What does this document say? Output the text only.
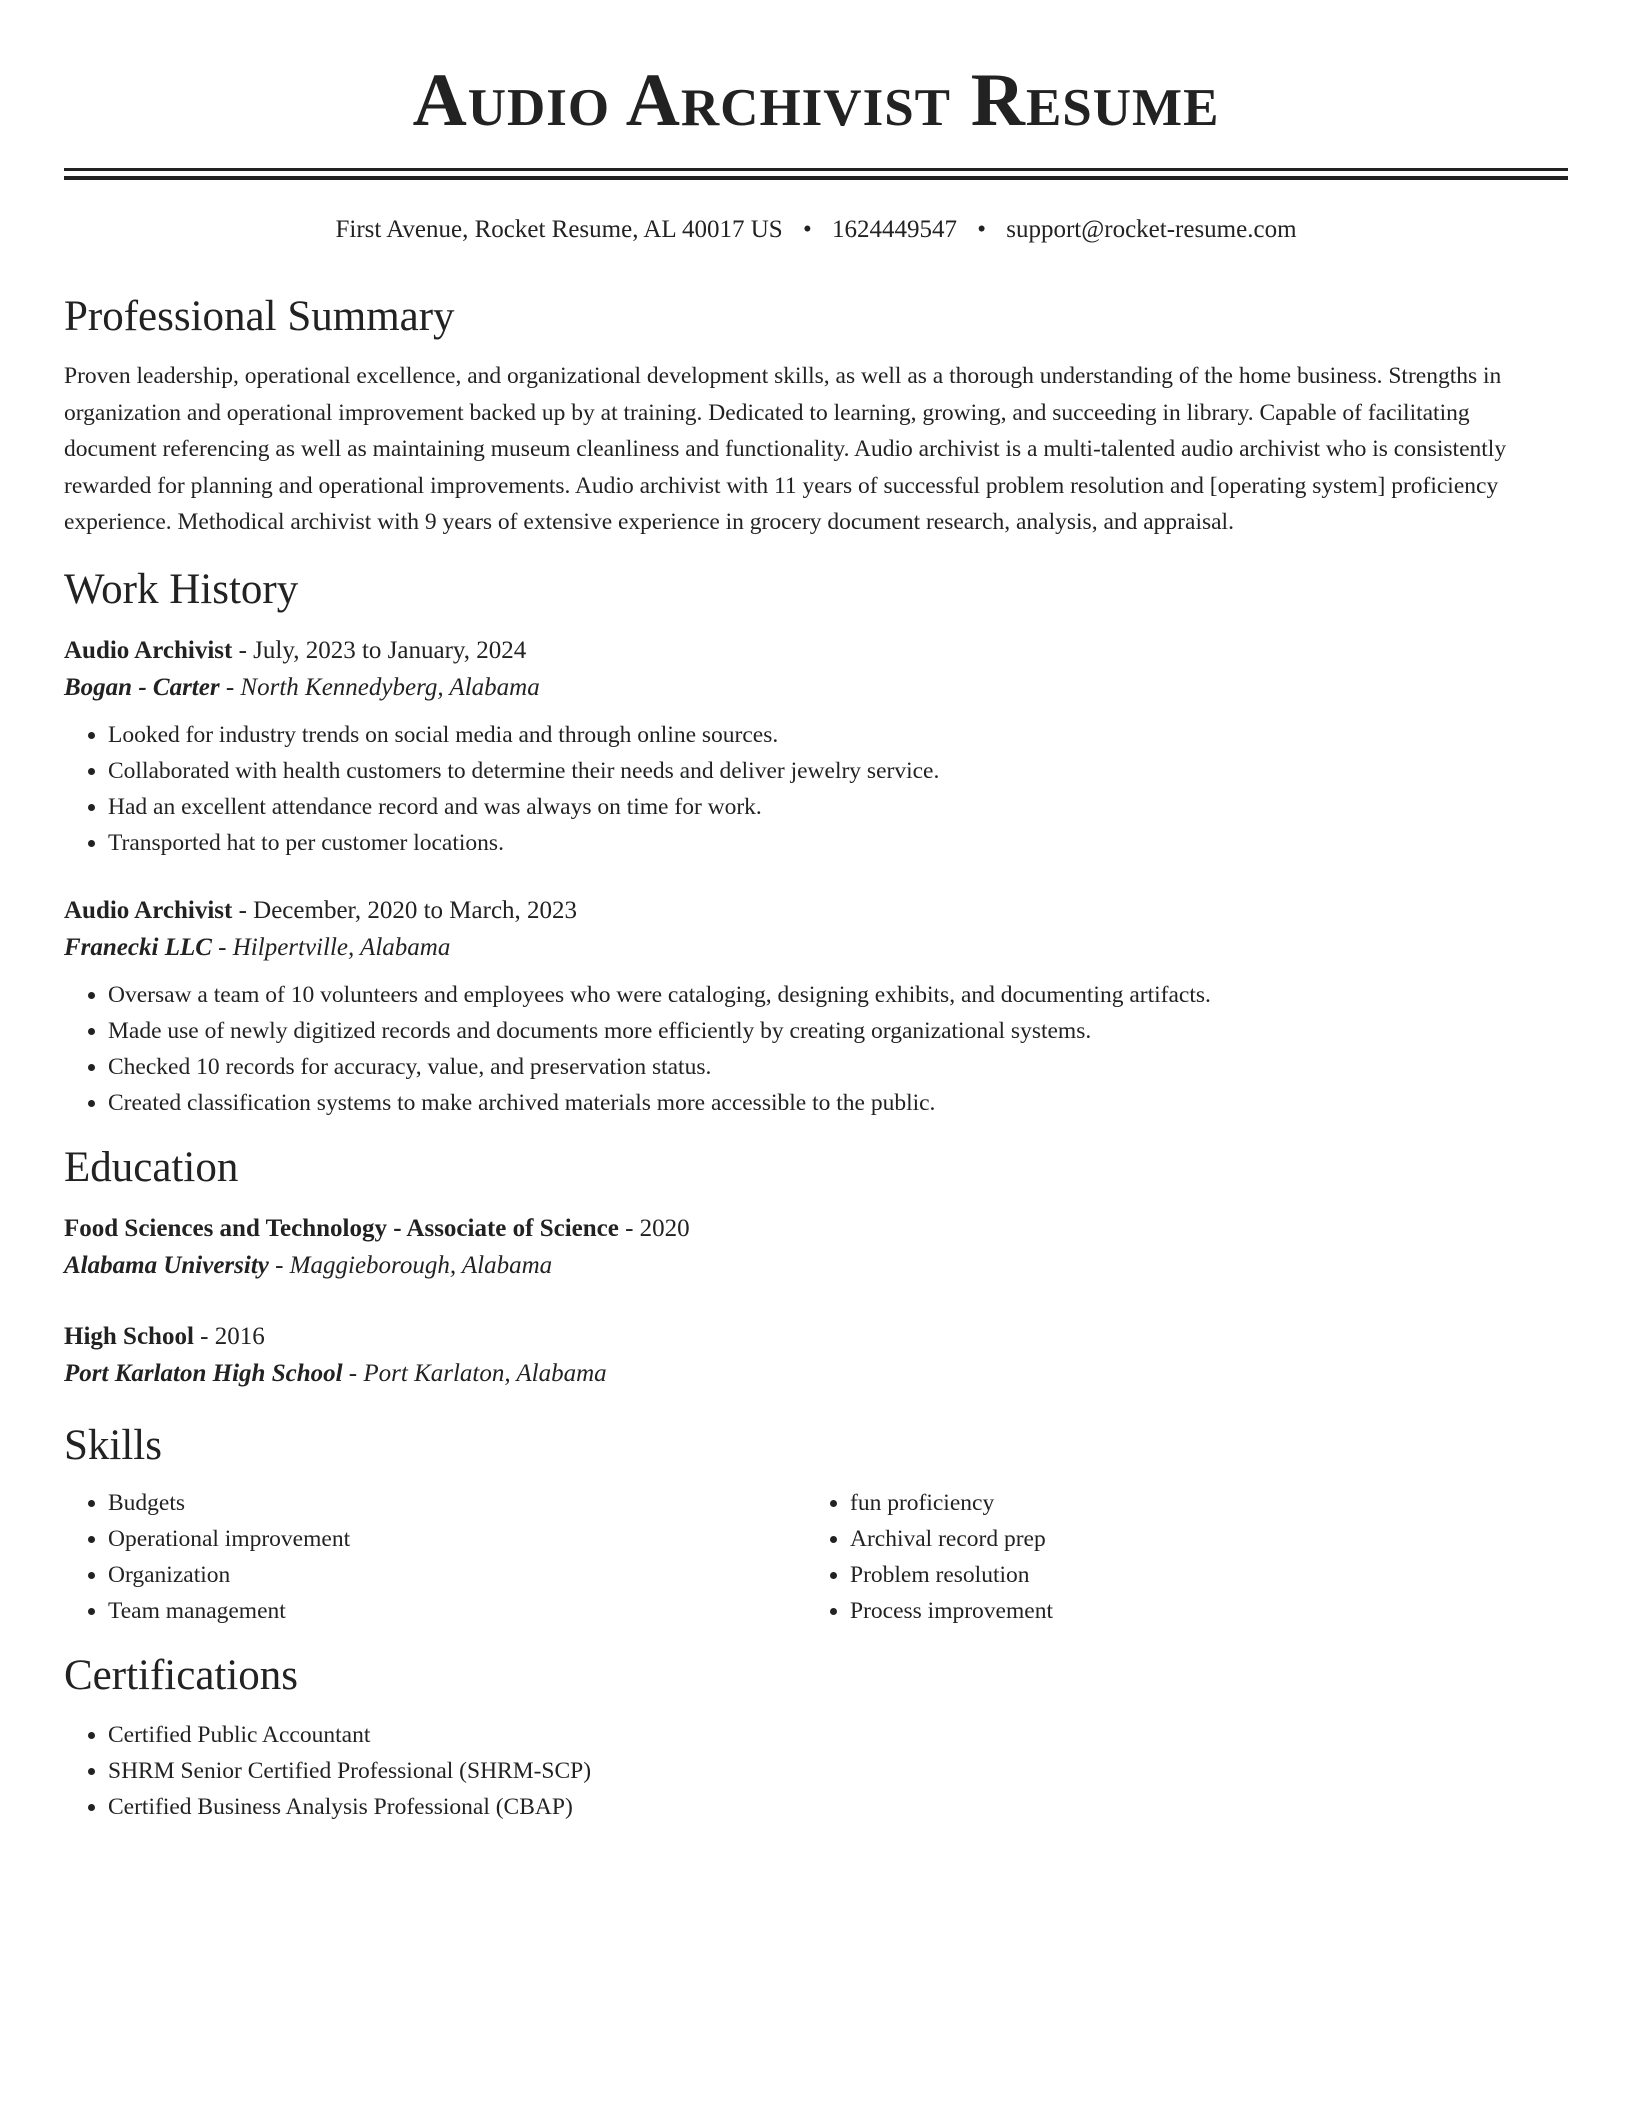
Audio Archivist Resume
First Avenue, Rocket Resume, AL 40017 US • 1624449547 • support@rocket-resume.com
Professional Summary

Proven leadership, operational excellence, and organizational development skills, as well as a thorough understanding of the home business. Strengths in organization and operational improvement backed up by at training. Dedicated to learning, growing, and succeeding in library. Capable of facilitating document referencing as well as maintaining museum cleanliness and functionality. Audio archivist is a multi-talented audio archivist who is consistently rewarded for planning and operational improvements. Audio archivist with 11 years of successful problem resolution and [operating system] proficiency experience. Methodical archivist with 9 years of extensive experience in grocery document research, analysis, and appraisal.

Work History
Audio Archivist - July, 2023 to January, 2024
Bogan - Carter - North Kennedyberg, Alabama
• Looked for industry trends on social media and through online sources.
• Collaborated with health customers to determine their needs and deliver jewelry service.
• Had an excellent attendance record and was always on time for work.
• Transported hat to per customer locations.
Audio Archivist - December, 2020 to March, 2023
Franecki LLC - Hilpertville, Alabama
• Oversaw a team of 10 volunteers and employees who were cataloging, designing exhibits, and documenting artifacts.
• Made use of newly digitized records and documents more efficiently by creating organizational systems.
• Checked 10 records for accuracy, value, and preservation status.
• Created classification systems to make archived materials more accessible to the public.
Education
Food Sciences and Technology - Associate of Science - 2020
Alabama University - Maggieborough, Alabama
High School - 2016
Port Karlaton High School - Port Karlaton, Alabama
Skills
• Budgets
• Operational improvement
• Organization
• Team management
• fun proficiency
• Archival record prep
• Problem resolution
• Process improvement
Certifications
• Certified Public Accountant
• SHRM Senior Certified Professional (SHRM-SCP)
• Certified Business Analysis Professional (CBAP)
